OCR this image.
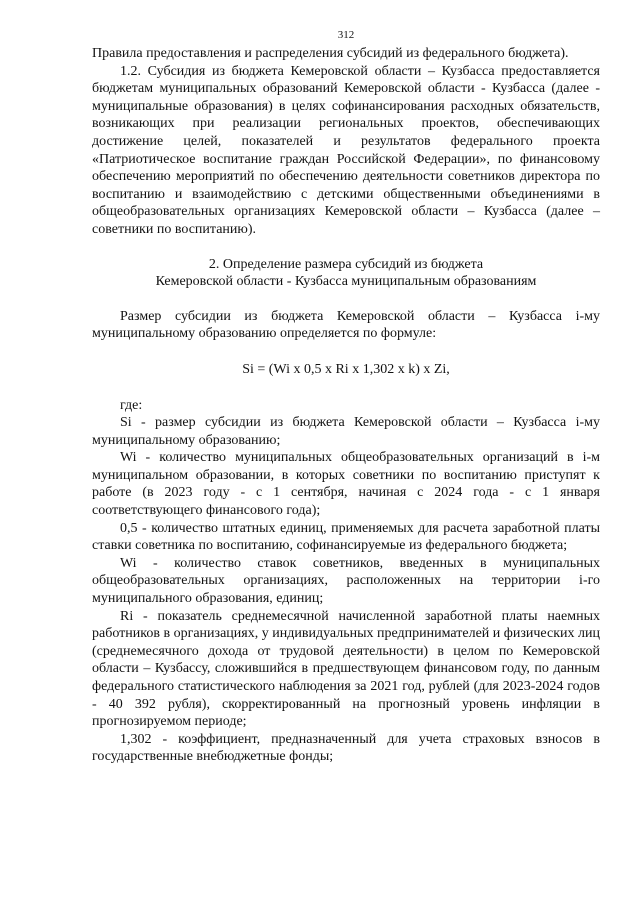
312

Правила предоставления и распределения субсидий из федерального бюджета).

1.2. Субсидия из бюджета Кемеровской области – Кузбасса предоставляется бюджетам муниципальных образований Кемеровской области - Кузбасса (далее - муниципальные образования) в целях софинансирования расходных обязательств, возникающих при реализации региональных проектов, обеспечивающих достижение целей, показателей и результатов федерального проекта «Патриотическое воспитание граждан Российской Федерации», по финансовому обеспечению мероприятий по обеспечению деятельности советников директора по воспитанию и взаимодействию с детскими общественными объединениями в общеобразовательных организациях Кемеровской области – Кузбасса (далее – советники по воспитанию).

2. Определение размера субсидий из бюджета
Кемеровской области - Кузбасса муниципальным образованиям

Размер субсидии из бюджета Кемеровской области – Кузбасса i-му муниципальному образованию определяется по формуле:

Si = (Wi x 0,5 x Ri x 1,302 x k) x Zi,

где:

Si - размер субсидии из бюджета Кемеровской области – Кузбасса i-му муниципальному образованию;

Wi - количество муниципальных общеобразовательных организаций в i-м муниципальном образовании, в которых советники по воспитанию приступят к работе (в 2023 году - с 1 сентября, начиная с 2024 года - с 1 января соответствующего финансового года);

0,5 - количество штатных единиц, применяемых для расчета заработной платы ставки советника по воспитанию, софинансируемые из федерального бюджета;

Wi - количество ставок советников, введенных в муниципальных общеобразовательных организациях, расположенных на территории i-го муниципального образования, единиц;

Ri - показатель среднемесячной начисленной заработной платы наемных работников в организациях, у индивидуальных предпринимателей и физических лиц (среднемесячного дохода от трудовой деятельности) в целом по Кемеровской области – Кузбассу, сложившийся в предшествующем финансовом году, по данным федерального статистического наблюдения за 2021 год, рублей (для 2023-2024 годов - 40 392 рубля), скорректированный на прогнозный уровень инфляции в прогнозируемом периоде;

1,302 - коэффициент, предназначенный для учета страховых взносов в государственные внебюджетные фонды;
